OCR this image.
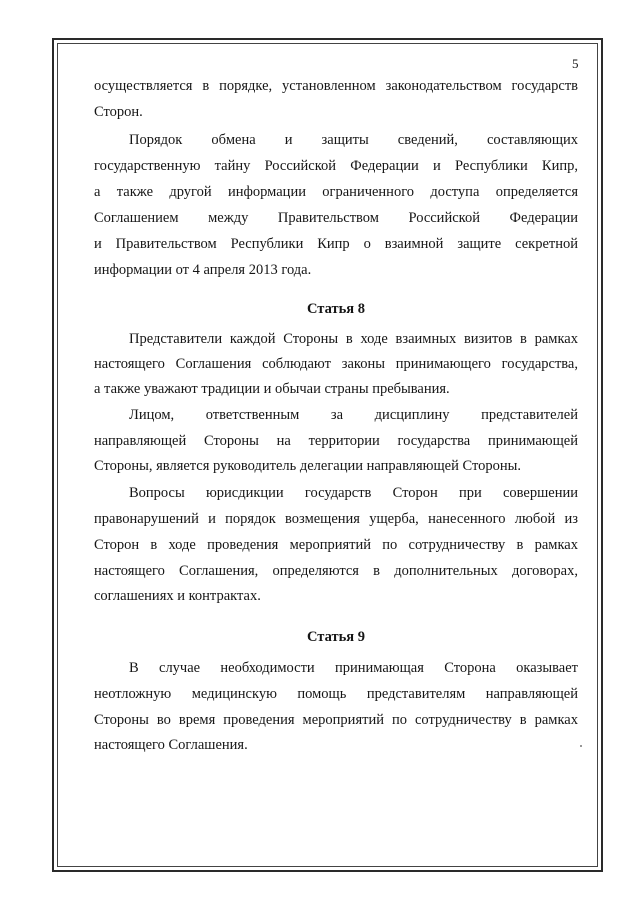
5
осуществляется в порядке, установленном законодательством государств
Сторон.
Порядок обмена и защиты сведений, составляющих
государственную тайну Российской Федерации и Республики Кипр,
а также другой информации ограниченного доступа определяется
Соглашением между Правительством Российской Федерации
и Правительством Республики Кипр о взаимной защите секретной
информации от 4 апреля 2013 года.
Статья 8
Представители каждой Стороны в ходе взаимных визитов в рамках
настоящего Соглашения соблюдают законы принимающего государства,
а также уважают традиции и обычаи страны пребывания.
Лицом, ответственным за дисциплину представителей
направляющей Стороны на территории государства принимающей
Стороны, является руководитель делегации направляющей Стороны.
Вопросы юрисдикции государств Сторон при совершении
правонарушений и порядок возмещения ущерба, нанесенного любой из
Сторон в ходе проведения мероприятий по сотрудничеству в рамках
настоящего Соглашения, определяются в дополнительных договорах,
соглашениях и контрактах.
Статья 9
В случае необходимости принимающая Сторона оказывает
неотложную медицинскую помощь представителям направляющей
Стороны во время проведения мероприятий по сотрудничеству в рамках
настоящего Соглашения.
